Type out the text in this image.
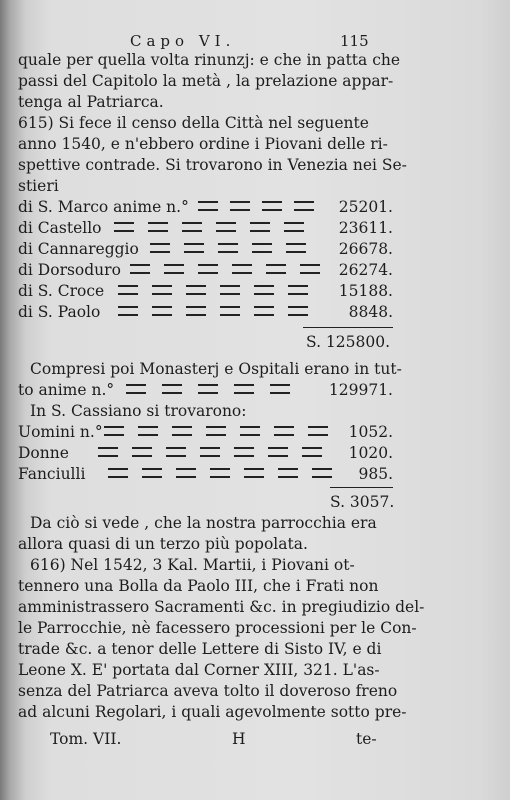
Capo VI.	115
quale per quella volta rinunzj: e che in patta che
passi del Capitolo la metà , la prelazione appar-
tenga al Patriarca.
615) Si fece il censo della Città nel seguente
anno 1540, e n'ebbero ordine i Piovani delle ri-
spettive contrade. Si trovarono in Venezia nei Se-
stieri
di S. Marco anime n.°	25201.
di Castello	23611.
di Cannareggio	26678.
di Dorsoduro	26274.
di S. Croce	15188.
di S. Paolo	8848.
S. 125800.
Compresi poi Monasterj e Ospitali erano in tut-
to anime n.°	129971.
In S. Cassiano si trovarono:
Uomini n.°	1052.
Donne	1020.
Fanciulli	985.
S. 3057.
Da ciò si vede , che la nostra parrocchia era
allora quasi di un terzo più popolata.
616) Nel 1542, 3 Kal. Martii, i Piovani ot-
tennero una Bolla da Paolo III, che i Frati non
amministrassero Sacramenti &c. in pregiudizio del-
le Parrocchie, nè facessero processioni per le Con-
trade &c. a tenor delle Lettere di Sisto IV, e di
Leone X. E' portata dal Corner XIII, 321. L'as-
senza del Patriarca aveva tolto il doveroso freno
ad alcuni Regolari, i quali agevolmente sotto pre-
Tom. VII.	H	te-
